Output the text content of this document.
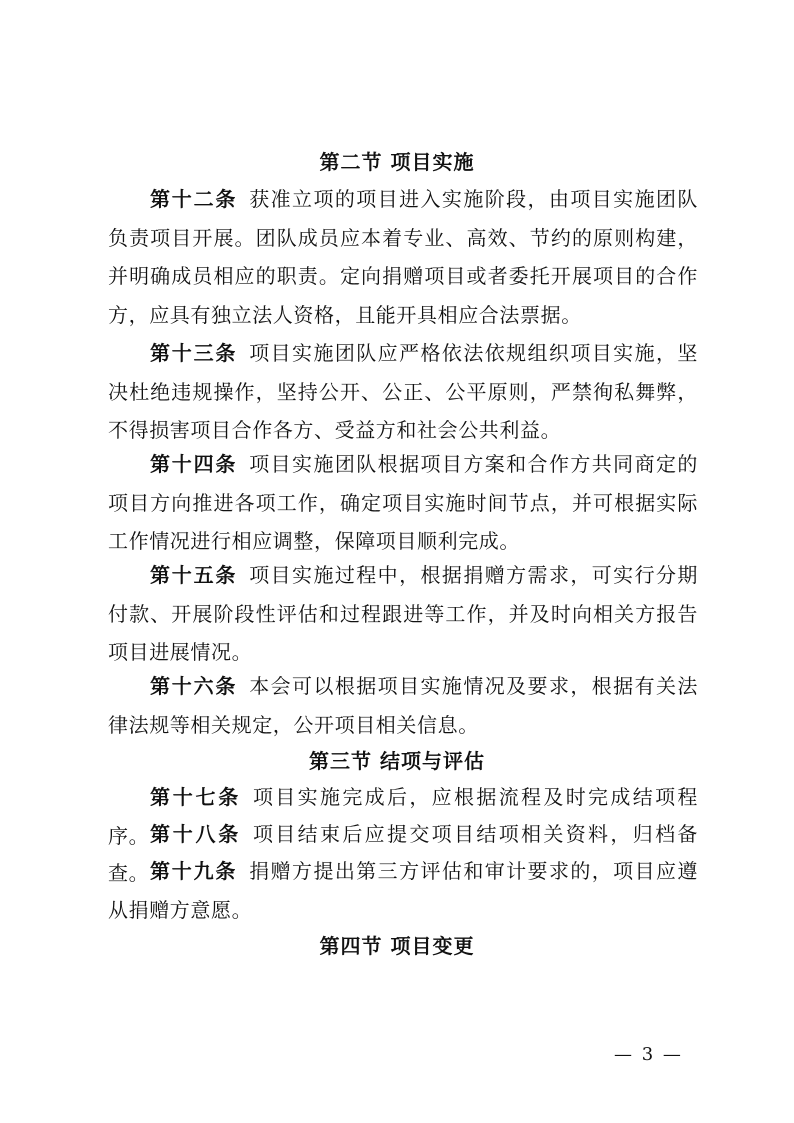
第二节 项目实施
第十二条 获准立项的项目进入实施阶段，由项目实施团队负责项目开展。团队成员应本着专业、高效、节约的原则构建，并明确成员相应的职责。定向捐赠项目或者委托开展项目的合作方，应具有独立法人资格，且能开具相应合法票据。
第十三条 项目实施团队应严格依法依规组织项目实施，坚决杜绝违规操作，坚持公开、公正、公平原则，严禁徇私舞弊，不得损害项目合作各方、受益方和社会公共利益。
第十四条 项目实施团队根据项目方案和合作方共同商定的项目方向推进各项工作，确定项目实施时间节点，并可根据实际工作情况进行相应调整，保障项目顺利完成。
第十五条 项目实施过程中，根据捐赠方需求，可实行分期付款、开展阶段性评估和过程跟进等工作，并及时向相关方报告项目进展情况。
第十六条 本会可以根据项目实施情况及要求，根据有关法律法规等相关规定，公开项目相关信息。
第三节 结项与评估
第十七条 项目实施完成后，应根据流程及时完成结项程序。 第十八条 项目结束后应提交项目结项相关资料，归档备查。 第十九条 捐赠方提出第三方评估和审计要求的，项目应遵从捐赠方意愿。
第四节 项目变更
— 3 —
